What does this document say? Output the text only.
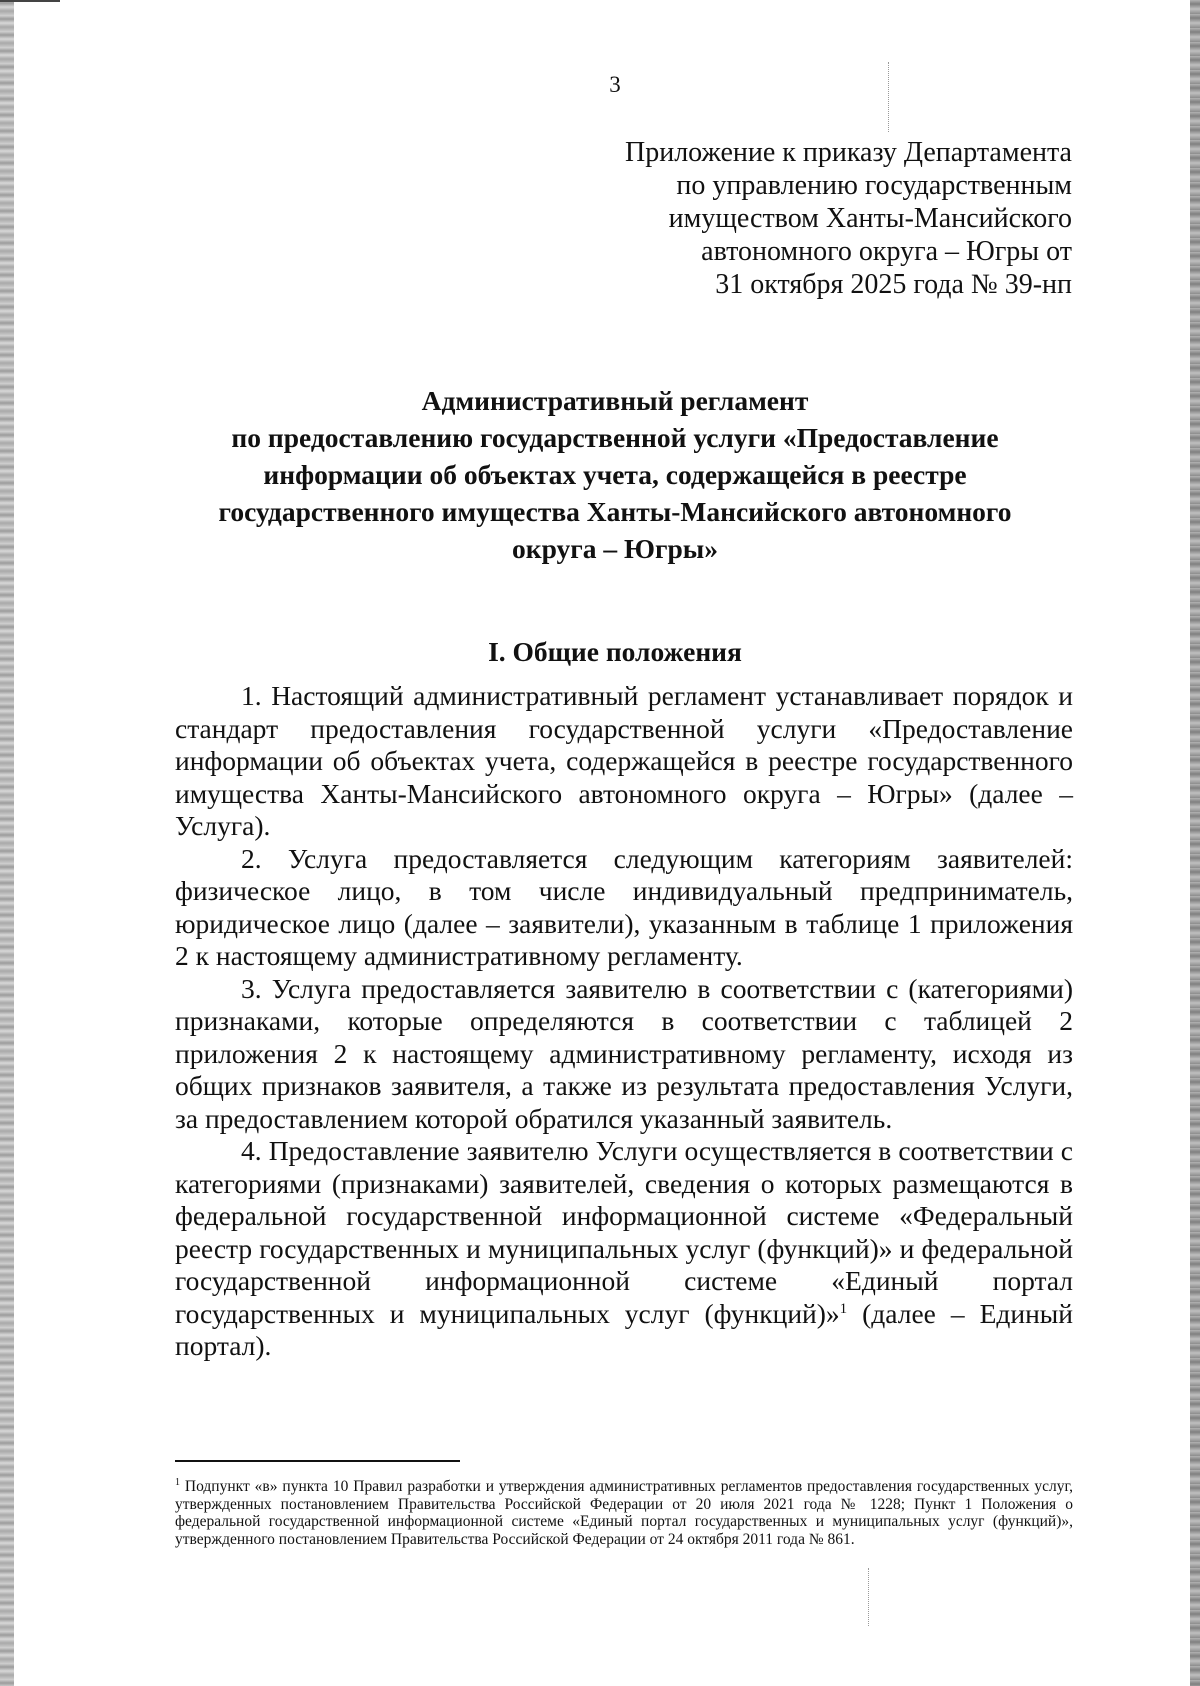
3
Приложение к приказу Департамента
по управлению государственным
имуществом Ханты-Мансийского
автономного округа – Югры от
31 октября 2025 года № 39-нп
Административный регламент
по предоставлению государственной услуги «Предоставление
информации об объектах учета, содержащейся в реестре
государственного имущества Ханты-Мансийского автономного
округа – Югры»
I. Общие положения

1. Настоящий административный регламент устанавливает порядок и стандарт предоставления государственной услуги «Предоставление информации об объектах учета, содержащейся в реестре государственного имущества Ханты-Мансийского автономного округа – Югры» (далее – Услуга).

2. Услуга предоставляется следующим категориям заявителей: физическое лицо, в том числе индивидуальный предприниматель, юридическое лицо (далее – заявители), указанным в таблице 1 приложения 2 к настоящему административному регламенту.

3. Услуга предоставляется заявителю в соответствии с (категориями) признаками, которые определяются в соответствии с таблицей 2 приложения 2 к настоящему административному регламенту, исходя из общих признаков заявителя, а также из результата предоставления Услуги, за предоставлением которой обратился указанный заявитель.

4. Предоставление заявителю Услуги осуществляется в соответствии с категориями (признаками) заявителей, сведения о которых размещаются в федеральной государственной информационной системе «Федеральный реестр государственных и муниципальных услуг (функций)» и федеральной государственной информационной системе «Единый портал государственных и муниципальных услуг (функций)»$^1$ (далее – Единый портал).

$^1$ Подпункт «в» пункта 10 Правил разработки и утверждения административных регламентов предоставления государственных услуг, утвержденных постановлением Правительства Российской Федерации от 20 июля 2021 года № 1228; Пункт 1 Положения о федеральной государственной информационной системе «Единый портал государственных и муниципальных услуг (функций)», утвержденного постановлением Правительства Российской Федерации от 24 октября 2011 года № 861.
